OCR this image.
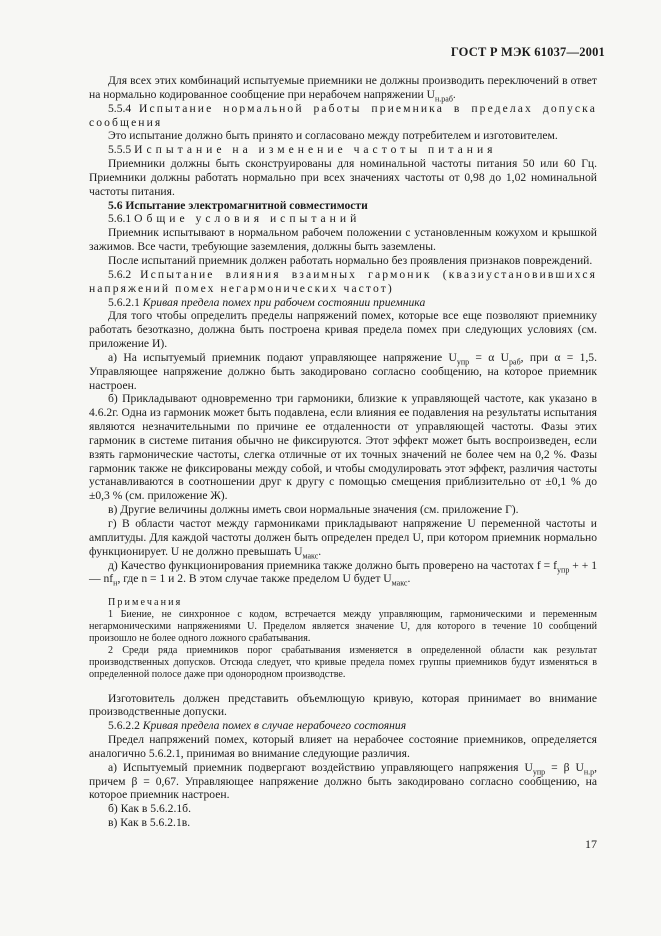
ГОСТ Р МЭК 61037—2001

Для всех этих комбинаций испытуемые приемники не должны производить переключений в ответ на нормально кодированное сообщение при нерабочем напряжении $U_{н.раб}$.

5.5.4 Испытание нормальной работы приемника в пределах допуска сообщения

Это испытание должно быть принято и согласовано между потребителем и изготовителем.

5.5.5 Испытание на изменение частоты питания

Приемники должны быть сконструированы для номинальной частоты питания 50 или 60 Гц. Приемники должны работать нормально при всех значениях частоты от 0,98 до 1,02 номинальной частоты питания.

5.6 Испытание электромагнитной совместимости

5.6.1 Общие условия испытаний

Приемник испытывают в нормальном рабочем положении с установленным кожухом и крышкой зажимов. Все части, требующие заземления, должны быть заземлены.

После испытаний приемник должен работать нормально без проявления признаков повреждений.

5.6.2 Испытание влияния взаимных гармоник (квазиустановившихся напряжений помех негармонических частот)

5.6.2.1 Кривая предела помех при рабочем состоянии приемника

Для того чтобы определить пределы напряжений помех, которые все еще позволяют приемнику работать безотказно, должна быть построена кривая предела помех при следующих условиях (см. приложение И).

а) На испытуемый приемник подают управляющее напряжение $U_{упр} = \alpha$ $U_{раб}$, при α = 1,5. Управляющее напряжение должно быть закодировано согласно сообщению, на которое приемник настроен.

б) Прикладывают одновременно три гармоники, близкие к управляющей частоте, как указано в 4.6.2г. Одна из гармоник может быть подавлена, если влияния ее подавления на результаты испытания являются незначительными по причине ее отдаленности от управляющей частоты. Фазы этих гармоник в системе питания обычно не фиксируются. Этот эффект может быть воспроизведен, если взять гармонические частоты, слегка отличные от их точных значений не более чем на 0,2 %. Фазы гармоник также не фиксированы между собой, и чтобы смодулировать этот эффект, различия частоты устанавливаются в соотношении друг к другу с помощью смещения приблизительно от ±0,1 % до ±0,3 % (см. приложение Ж).

в) Другие величины должны иметь свои нормальные значения (см. приложение Г).

г) В области частот между гармониками прикладывают напряжение U переменной частоты и амплитуды. Для каждой частоты должен быть определен предел U, при котором приемник нормально функционирует. U не должно превышать $U_{макс}$.

д) Качество функционирования приемника также должно быть проверено на частотах $f = f_{упр}$ + + 1 — $nf_н$, где n = 1 и 2. В этом случае также пределом U будет $U_{макс}$.

Примечания

1 Биение, не синхронное с кодом, встречается между управляющим, гармоническими и переменным негармоническими напряжениями U. Пределом является значение U, для которого в течение 10 сообщений произошло не более одного ложного срабатывания.

2 Среди ряда приемников порог срабатывания изменяется в определенной области как результат производственных допусков. Отсюда следует, что кривые предела помех группы приемников будут изменяться в определенной полосе даже при одонородном производстве.

Изготовитель должен представить объемлющую кривую, которая принимает во внимание производственные допуски.

5.6.2.2 Кривая предела помех в случае нерабочего состояния

Предел напряжений помех, который влияет на нерабочее состояние приемников, определяется аналогично 5.6.2.1, принимая во внимание следующие различия.

а) Испытуемый приемник подвергают воздействию управляющего напряжения $U_{упр} = \beta$ $U_{н.р}$, причем β = 0,67. Управляющее напряжение должно быть закодировано согласно сообщению, на которое приемник настроен.

б) Как в 5.6.2.1б.

в) Как в 5.6.2.1в.

17
